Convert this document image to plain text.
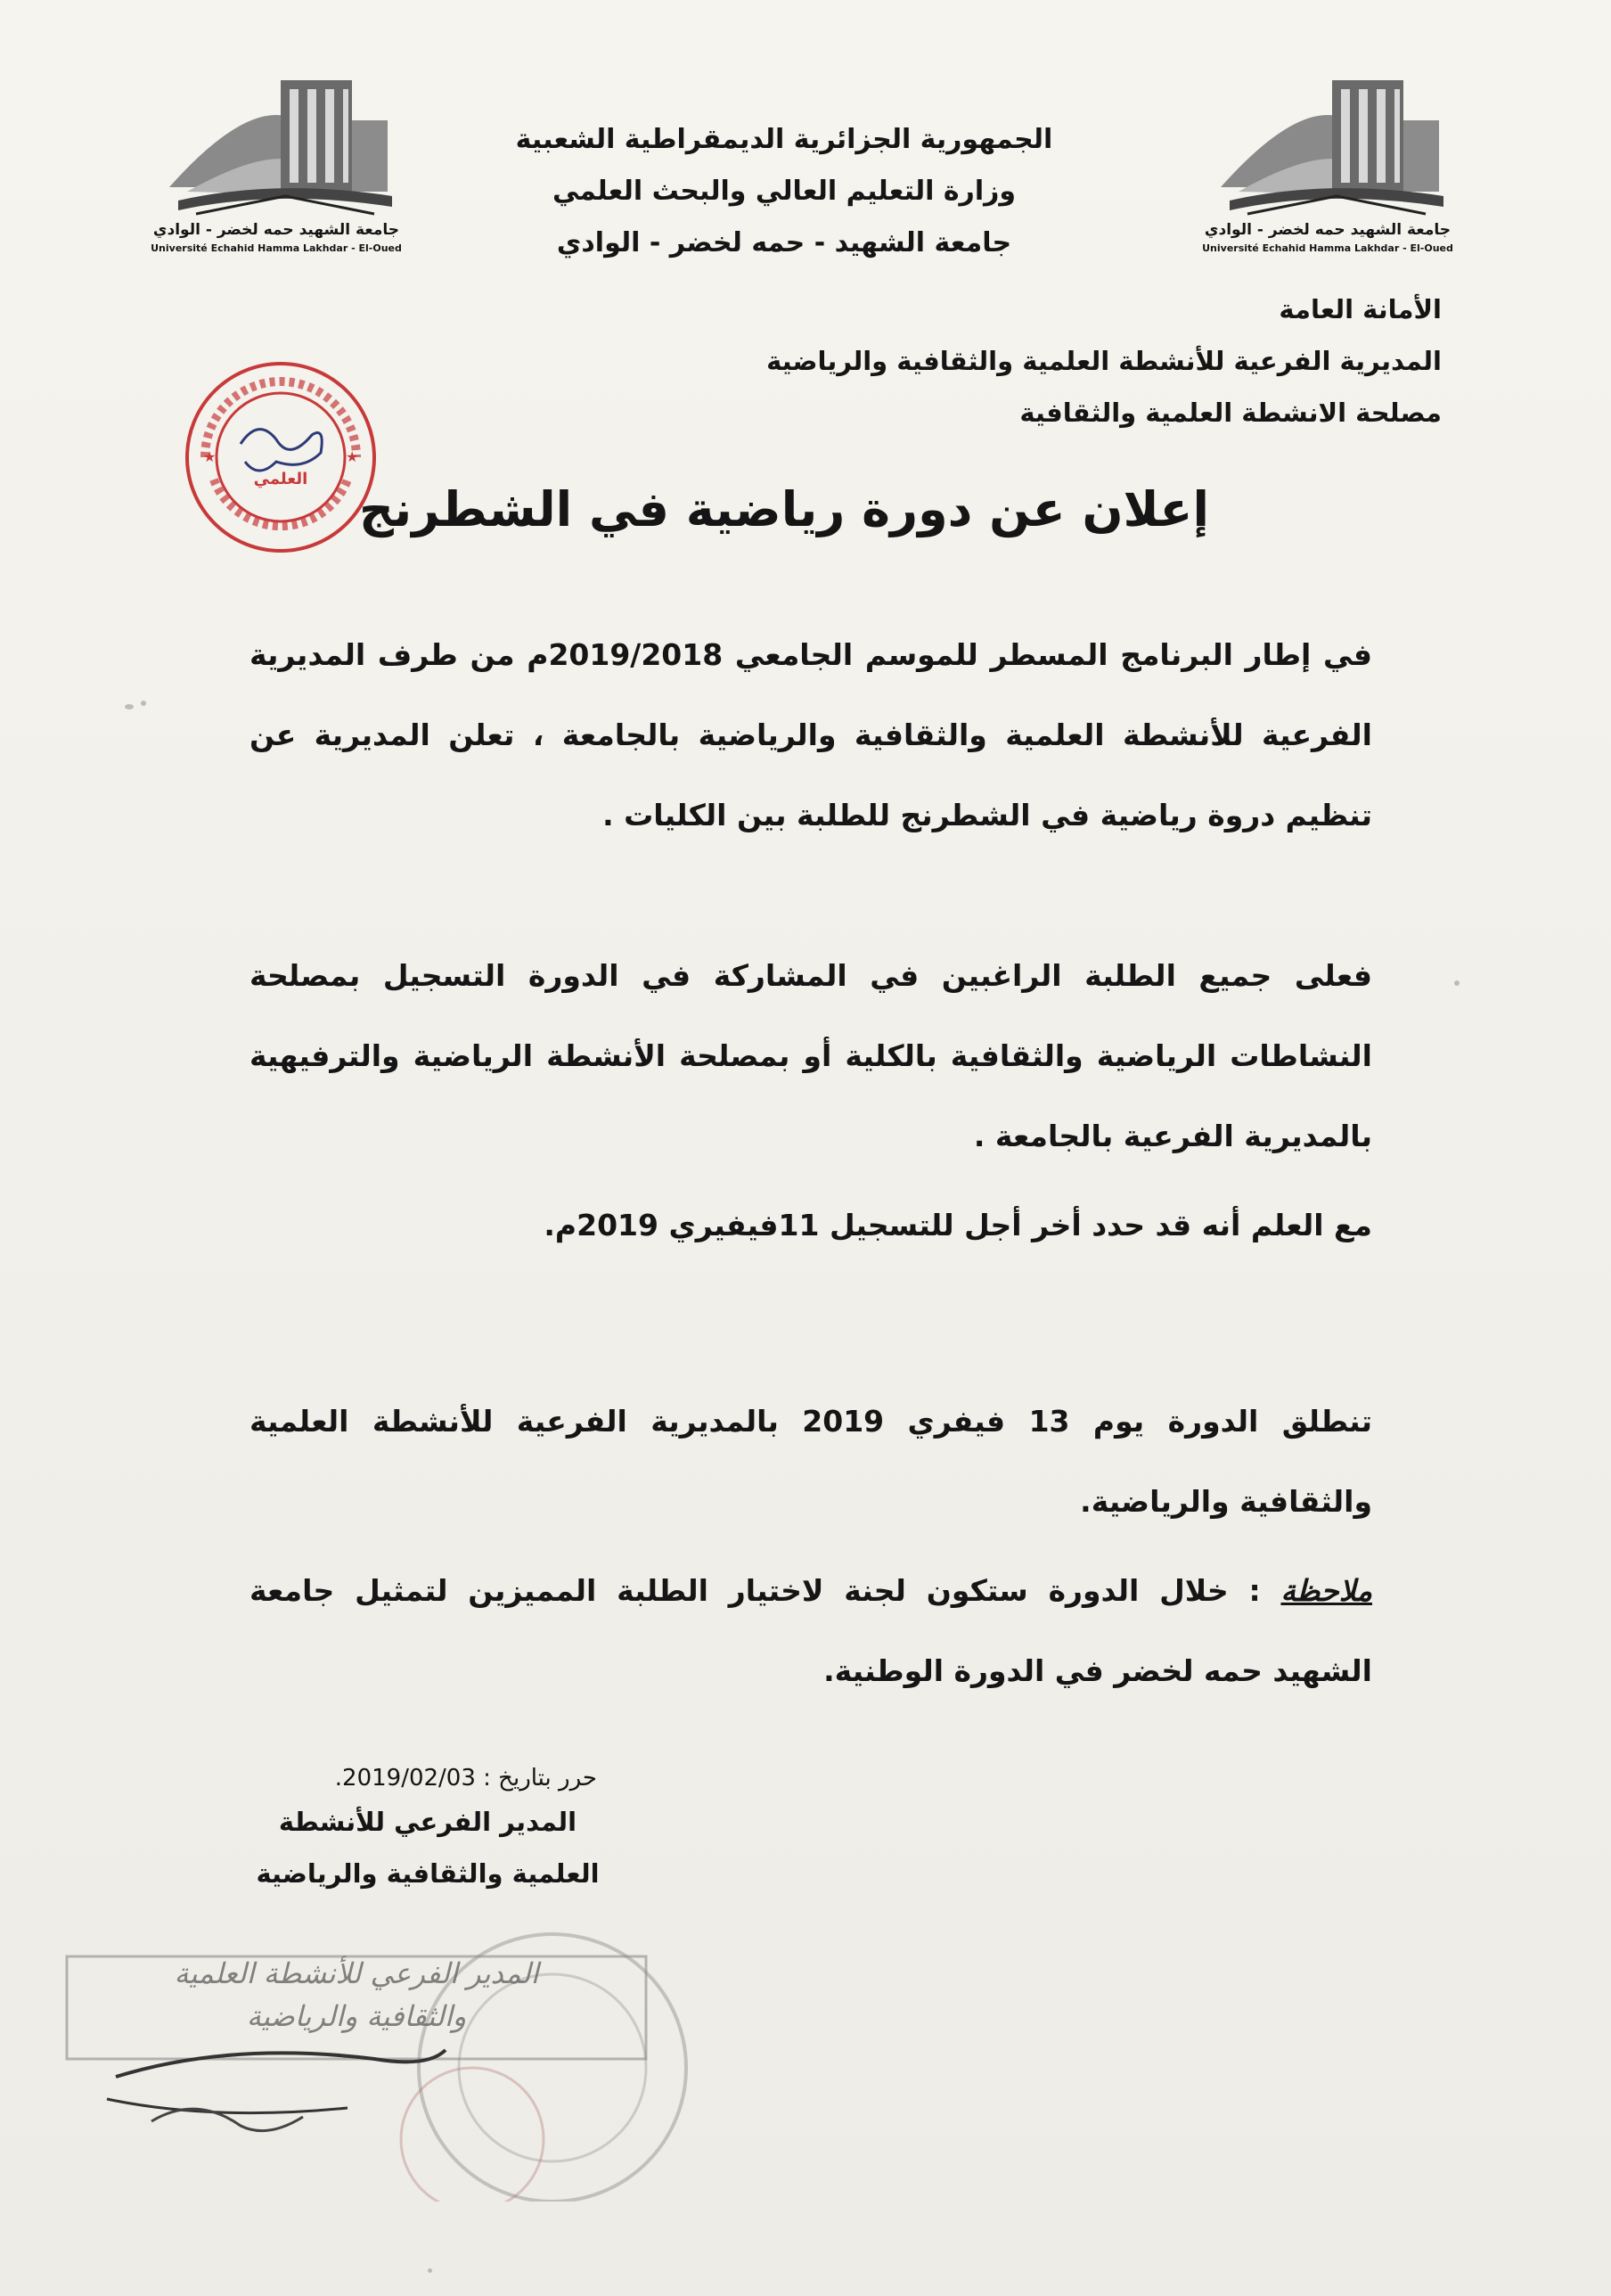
جامعة الشهيد حمه لخضر - الوادي
Université Echahid Hamma Lakhdar - El-Oued
جامعة الشهيد حمه لخضر - الوادي
Université Echahid Hamma Lakhdar - El-Oued
الجمهورية الجزائرية الديمقراطية الشعبية
وزارة التعليم العالي والبحث العلمي
جامعة الشهيد - حمه لخضر - الوادي
الأمانة العامة
المديرية الفرعية للأنشطة العلمية والثقافية والرياضية
مصلحة الانشطة العلمية والثقافية
★	★
العلمي
إعلان عن دورة رياضية في الشطرنج
في إطار البرنامج المسطر للموسم الجامعي 2019/2018م من طرف المديرية الفرعية للأنشطة العلمية والثقافية والرياضية بالجامعة ، تعلن المديرية عن تنظيم دروة رياضية في الشطرنج للطلبة بين الكليات .
فعلى جميع الطلبة الراغبين في المشاركة في الدورة التسجيل بمصلحة النشاطات الرياضية والثقافية بالكلية أو بمصلحة الأنشطة الرياضية والترفيهية بالمديرية الفرعية بالجامعة .
مع العلم أنه قد حدد أخر أجل للتسجيل 11فيفيري 2019م.
تنطلق الدورة يوم 13 فيفري 2019 بالمديرية الفرعية للأنشطة العلمية والثقافية والرياضية.
ملاحظة : خلال الدورة ستكون لجنة لاختيار الطلبة المميزين لتمثيل جامعة الشهيد حمه لخضر في الدورة الوطنية.
حرر بتاريخ : 2019/02/03.
المدير الفرعي للأنشطة
العلمية والثقافية والرياضية
المدير الفرعي للأنشطة العلمية
والثقافية والرياضية
